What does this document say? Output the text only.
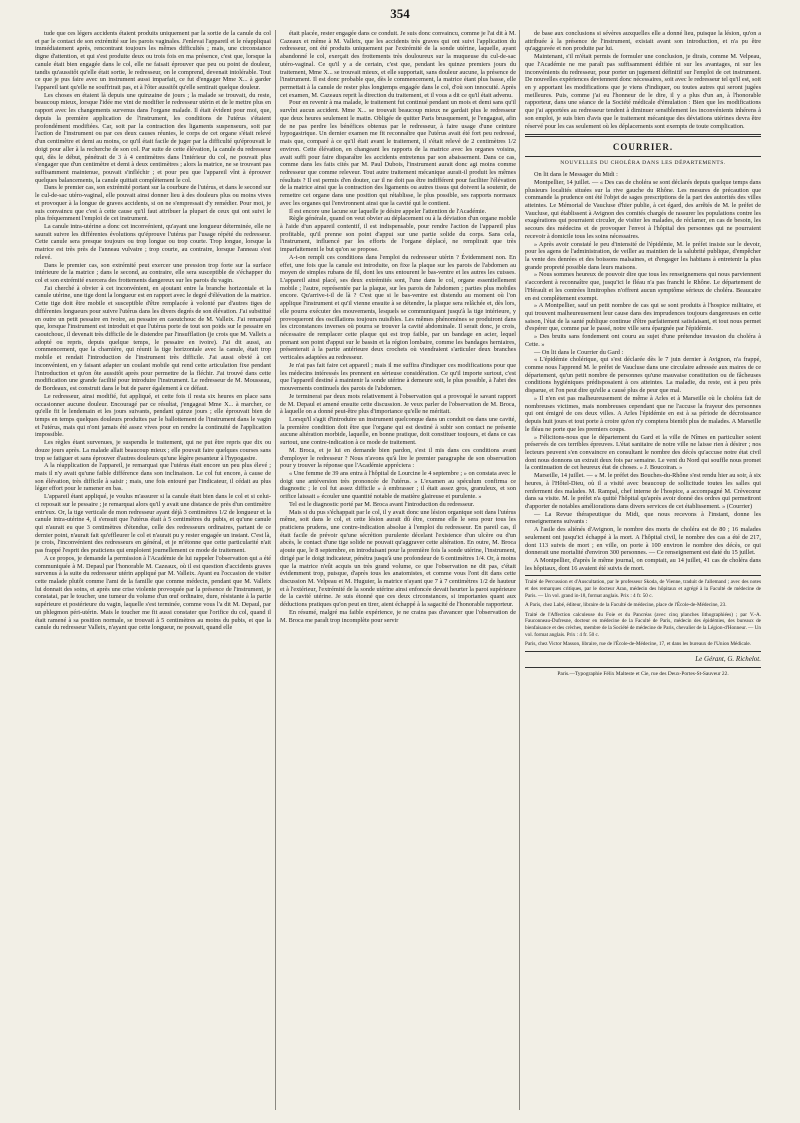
354

tude que ces légers accidents étaient produits uniquement par la sortie de la canule du col et par le contact de son extrémité sur les parois vaginales. J'enlevai l'appareil et le réappliquai immédiatement après, rencontrant toujours les mêmes difficultés ; mais, une circonstance digne d'attention, et qui s'est produite deux ou trois fois en ma présence, c'est que, lorsque la canule était bien engagée dans le col, elle ne faisait éprouver que peu ou point de douleur, tandis qu'aussitôt qu'elle était sortie, le redresseur, on le comprend, devenait intolérable. Tout ce que je pus faire avec un instrument aussi imparfait, ce fut d'engager Mme X... à garder l'appareil tant qu'elle ne souffrirait pas, et à l'ôter aussitôt qu'elle sentirait quelque douleur.

Les choses en étaient là depuis une quinzaine de jours ; la malade se trouvait, du reste, beaucoup mieux, lorsque l'idée me vint de modifier le redresseur utérin et de le mettre plus en rapport avec les changements survenus dans l'organe malade. Il était évident pour moi, que, depuis la première application de l'instrument, les conditions de l'utérus s'étaient profondément modifiées. Car, soit par la contraction des ligaments suspenseurs, soit par l'action de l'instrument ou par ces deux causes réunies, le corps de cet organe s'était relevé d'un centimètre et demi au moins, ce qu'il était facile de juger par la difficulté qu'éprouvait le doigt pour aller à la recherche de son col. Par suite de cette élévation, la canule du redresseur qui, dès le début, pénétrait de 3 à 4 centimètres dans l'intérieur du col, ne pouvait plus s'engager que d'un centimètre et demi à deux centimètres ; alors la matrice, ne se trouvant pas suffisamment maintenue, pouvait s'infléchir ; et pour peu que l'appareil vînt à éprouver quelques balancements, la canule quittait complètement le col.

Dans le premier cas, son extrémité portant sur la courbure de l'utérus, et dans le second sur le cul-de-sac utéro-vaginal, elle pouvait ainsi donner lieu à des douleurs plus ou moins vives et provoquer à la longue de graves accidents, si on ne s'empressait d'y remédier. Pour moi, je suis convaincu que c'est à cette cause qu'il faut attribuer la plupart de ceux qui ont suivi le plus fréquemment l'emploi de cet instrument.

La canule intra-utérine a donc cet inconvénient, qu'ayant une longueur déterminée, elle ne saurait suivre les différentes évolutions qu'éprouve l'utérus par l'usage répété du redresseur. Cette canule sera presque toujours ou trop longue ou trop courte. Trop longue, lorsque la matrice est très près de l'anneau vulvaire ; trop courte, au contraire, lorsque l'anneau s'est relevé.

Dans le premier cas, son extrémité peut exercer une pression trop forte sur la surface intérieure de la matrice ; dans le second, au contraire, elle sera susceptible de s'échapper du col et son extrémité exercera des frottements dangereux sur les parois du vagin.

J'ai cherché à obvier à cet inconvénient, en ajoutant entre la branche horizontale et la canule utérine, une tige dont la longueur est en rapport avec le degré d'élévation de la matrice. Cette tige doit être mobile et susceptible d'être remplacée à volonté par d'autres tiges de différentes longueurs pour suivre l'utérus dans les divers degrés de son élévation. J'ai substitué en outre un petit pessaire en ivoire, au pessaire en caoutchouc de M. Valleix. J'ai remarqué que, lorsque l'instrument est introduit et que l'utérus porte de tout son poids sur le pessaire en caoutchouc, il devenait très difficile de le distendre par l'insufflation (je crois que M. Valleix a adopté ou repris, depuis quelque temps, le pessaire en ivoire). J'ai dit aussi, au commencement, que la charnière, qui réunit la tige horizontale avec la canule, était trop mobile et rendait l'introduction de l'instrument très difficile. J'ai aussi obvié à cet inconvénient, en y faisant adapter un coulant mobile qui rend cette articulation fixe pendant l'introduction et qu'on ôte aussitôt après pour permettre de la fléchir. J'ai trouvé dans cette modification une grande facilité pour introduire l'instrument. Le redresseur de M. Mousseau, de Bordeaux, est construit dans le but de parer également à ce défaut.

Le redresseur, ainsi modifié, fut appliqué, et cette fois il resta six heures en place sans occasionner aucune douleur. Encouragé par ce résultat, j'engageai Mme X... à marcher, ce qu'elle fit le lendemain et les jours suivants, pendant quinze jours ; elle éprouvait bien de temps en temps quelques douleurs produites par le ballottement de l'instrument dans le vagin et l'utérus, mais qui n'ont jamais été assez vives pour en rendre la continuité de l'application impossible.

Les règles étant survenues, je suspendis le traitement, qui ne put être repris que dix ou douze jours après. La malade allait beaucoup mieux ; elle pouvait faire quelques courses sans trop se fatiguer et sans éprouver d'autres douleurs qu'une légère pesanteur à l'hypogastre.

A la réapplication de l'appareil, je remarquai que l'utérus était encore un peu plus élevé ; mais il n'y avait qu'une faible différence dans son inclinaison. Le col fut encore, à cause de son élévation, très difficile à saisir ; mais, une fois entouré par l'indicateur, il cédait au plus léger effort pour le ramener en bas.

L'appareil étant appliqué, je voulus m'assurer si la canule était bien dans le col et si celui-ci reposait sur le pessaire ; je remarquai alors qu'il y avait une distance de près d'un centimètre entr'eux. Or, la tige verticale de mon redresseur ayant déjà 3 centimètres 1/2 de longueur et la canule intra-utérine 4, il s'ensuit que l'utérus était à 5 centimètres du pubis, et qu'une canule qui n'aurait eu que 3 centimètres d'étendue, celle des redresseurs ordinaires, partant de ce dernier point, n'aurait fait qu'effleurer le col et n'aurait pu y rester engagée un instant. C'est là, je crois, l'inconvénient des redresseurs en général, et je m'étonne que cette particularité n'ait pas frappé l'esprit des praticiens qui emploient journellement ce mode de traitement.

A ce propos, je demande la permission à l'Académie de lui rappeler l'observation qui a été communiquée à M. Depaul par l'honorable M. Cazeaux, où il est question d'accidents graves survenus à la suite du redresseur utérin appliqué par M. Valleix. Ayant eu l'occasion de visiter cette malade plutôt comme l'ami de la famille que comme médecin, pendant que M. Valleix lui donnait des soins, et après une crise violente provoquée par la présence de l'instrument, je constatai, par le toucher, une tumeur du volume d'un œuf ordinaire, dure, résistante à la partie supérieure et postérieure du vagin, laquelle s'est terminée, comme vous l'a dit M. Depaul, par un phlegmon péri-utérin. Mais le toucher me fit aussi constater que l'orifice du col, quand il était ramené à sa position normale, se trouvait à 5 centimètres au moins du pubis, et que la canule du redresseur Valleix, n'ayant que cette longueur, ne pouvait, quand elle

était placée, rester engagée dans ce conduit. Je suis donc convaincu, comme je l'ai dit à M. Cazeaux et même à M. Valleix, que les accidents très graves qui ont suivi l'application du redresseur, ont été produits uniquement par l'extrémité de la sonde utérine, laquelle, ayant abandonné le col, exerçait des frottements très douloureux sur la muqueuse du cul-de-sac utéro-vaginal. Ce qu'il y a de certain, c'est que, pendant les quinze premiers jours du traitement, Mme X... se trouvait mieux, et elle supportait, sans douleur aucune, la présence de l'instrument. Il est donc probable que, dès le commencement, la matrice étant plus basse, elle permettait à la canule de rester plus longtemps engagée dans le col, d'où son innocuité. Après cet examen, M. Cazeaux reprit la direction du traitement, et il vous a dit ce qu'il était advenu.

Pour en revenir à ma malade, le traitement fut continué pendant un mois et demi sans qu'il survînt aucun accident. Mme X... se trouvait beaucoup mieux ne gardait plus le redresseur que deux heures seulement le matin. Obligée de quitter Paris brusquement, je l'engageai, afin de ne pas perdre les bénéfices obtenus par le redresseur, à faire usage d'une ceinture hypogastrique. Un dernier examen me fit reconnaître que l'utérus avait été fort peu redressé, mais que, comparé à ce qu'il était avant le traitement, il s'était relevé de 2 centimètres 1/2 environ. Cette élévation, en changeant les rapports de la matrice avec les organes voisins, avait suffi pour faire disparaître les accidents entretenus par son abaissement. Dans ce cas, comme dans les faits cités par M. Paul Dubois, l'instrument aurait donc agi moins comme redresseur que comme releveur. Tout autre traitement mécanique aurait-il produit les mêmes résultats ? Il est permis d'en douter, car il ne doit pas être indifférent pour faciliter l'élévation de la matrice ainsi que la contraction des ligaments ou autres tissus qui doivent la soutenir, de remettre cet organe dans une position qui rétablisse, le plus possible, ses rapports normaux avec les organes qui l'environnent ainsi que la cavité qui le contient.

Il est encore une lacune sur laquelle je désire appeler l'attention de l'Académie.

Règle générale, quand on veut obvier au déplacement ou à la déviation d'un organe mobile à l'aide d'un appareil contentif, il est indispensable, pour rendre l'action de l'appareil plus profitable, qu'il prenne son point d'appui sur une partie solide du corps. Sans cela, l'instrument, influencé par les efforts de l'organe déplacé, ne remplirait que très imparfaitement le but qu'on se propose.

A-t-on rempli ces conditions dans l'emploi du redresseur utérin ? Évidemment non. En effet, une fois que la canule est introduite, on fixe la plaque sur les parois de l'abdomen au moyen de simples rubans de fil, dont les uns entourent le bas-ventre et les autres les cuisses. L'appareil ainsi placé, ses deux extrémités sont, l'une dans le col, organe essentiellement mobile ; l'autre, représentée par la plaque, sur les parois de l'abdomen ; parties plus mobiles encore. Qu'arrive-t-il de là ? C'est que si le bas-ventre est distendu au moment où l'on applique l'instrument et qu'il vienne ensuite à se détendre, la plaque sera relâchée et, dès lors, elle pourra exécuter des mouvements, lesquels se communiquant jusqu'à la tige intérieure, y provoqueront des oscillations toujours nuisibles. Les mêmes phénomènes se produiront dans les circonstances inverses où pourra se trouver la cavité abdominale. Il serait donc, je crois, nécessaire de remplacer cette plaque qui est trop faible, par un bandage en acier, lequel prenant son point d'appui sur le bassin et la région lombaire, comme les bandages herniaires, présenterait à la partie antérieure deux crochets où viendraient s'articuler deux branches verticales adaptées au redresseur.

Je n'ai pas fait faire cet appareil ; mais il me suffira d'indiquer ces modifications pour que les médecins intéressés les prennent en sérieuse considération. Ce qu'il importe surtout, c'est que l'appareil destiné à maintenir la sonde utérine à demeure soit, le plus possible, à l'abri des mouvements continuels des parois de l'abdomen.

Je terminerai par deux mots relativement à l'observation qui a provoqué le savant rapport de M. Depaul et amené ensuite cette discussion. Je veux parler de l'observation de M. Broca, à laquelle on a donné peut-être plus d'importance qu'elle ne méritait.

Lorsqu'il s'agit d'introduire un instrument quelconque dans un conduit ou dans une cavité, la première condition doit être que l'organe qui est destiné à subir son contact ne présente aucune altération morbide, laquelle, en bonne pratique, doit constituer toujours, et dans ce cas surtout, une contre-indication à ce mode de traitement.

M. Broca, et je lui en demande bien pardon, s'est il mis dans ces conditions avant d'employer le redresseur ? Nous n'avons qu'à lire le premier paragraphe de son observation pour y trouver la réponse que l'Académie appréciera :

« Une femme de 39 ans entra à l'hôpital de Lourcine le 4 septembre ; » on constata avec le doigt une antéversion très prononcée de l'utérus. » L'examen au spéculum confirma ce diagnostic ; le col fut assez difficile » à embrasser ; il était assez gros, granuleux, et son orifice laissait » écouler une quantité notable de matière glaireuse et purulente. »

Tel est le diagnostic porté par M. Broca avant l'introduction du redresseur.

Mais si du pus s'échappait par le col, il y avait donc une lésion organique soit dans l'utérus même, soit dans le col, et cette lésion aurait dû être, comme elle le sera pour tous les praticiens prudens, une contre-indication absolue à l'emploi du redresseur. En pareil cas, il était facile de prévoir qu'une sécrétion purulente décelant l'existence d'un ulcère ou d'un abcès, le contact d'une tige solide ne pouvait qu'aggraver cette altération. En outre, M. Broca ajoute que, le 8 septembre, en introduisant pour la première fois la sonde utérine, l'instrument, dirigé par le doigt indicateur, pénétra jusqu'à une profondeur de 6 centimètres 1/4. Or, à moins que la matrice n'eût acquis un très grand volume, ce que l'observation ne dit pas, c'était évidemment trop, puisque, d'après tous les anatomistes, et comme vous l'ont dit dans cette discussion M. Velpeau et M. Huguier, la matrice n'ayant que 7 à 7 centimètres 1/2 de hauteur et à l'extérieur, l'extrémité de la sonde utérine ainsi enfoncée devait heurter la paroi supérieure de la cavité utérine. Je suis étonné que ces deux circonstances, si importantes quant aux déductions pratiques qu'on peut en tirer, aient échappé à la sagacité de l'honorable rapporteur.

En résumé, malgré ma faible expérience, je ne crains pas d'avancer que l'observation de M. Broca me paraît trop incomplète pour servir

de base aux conclusions si sévères auxquelles elle a donné lieu, puisque la lésion, qu'on a attribuée à la présence de l'instrument, existait avant son introduction, et n'a pu être qu'aggravée et non produite par lui.

Maintenant, s'il m'était permis de formuler une conclusion, je dirais, comme M. Velpeau, que l'Académie ne me paraît pas suffisamment édifiée ni sur les avantages, ni sur les inconvénients du redresseur, pour porter un jugement définitif sur l'emploi de cet instrument. De nouvelles expériences deviennent donc nécessaires, soit avec le redresseur tel qu'il est, soit en y apportant les modifications que je viens d'indiquer, ou toutes autres qui seront jugées meilleures. Puis, comme j'ai eu l'honneur de le dire, il y a plus d'un an, à l'honorable rapporteur, dans une séance de la Société médicale d'émulation : Bien que les modifications que j'ai apportées au redresseur tendent à diminuer sensiblement les inconvénients inhérens à son emploi, je suis bien d'avis que le traitement mécanique des déviations utérines devra être réservé pour les cas seulement où les déplacements sont exempts de toute complication.

COURRIER.
NOUVELLES DU CHOLÉRA DANS LES DÉPARTEMENTS.

On lit dans le Messager du Midi :

Montpellier, 14 juillet. — « Des cas de choléra se sont déclarés depuis quelque temps dans plusieurs localités situées sur la rive gauche du Rhône. Les mesures de précaution que commande la prudence ont été l'objet de sages prescriptions de la part des autorités des villes atteintes. Le Mémorial de Vaucluse d'hier publie, à cet égard, des arrêtés de M. le préfet de Vaucluse, qui établissent à Avignon des comités chargés de rassurer les populations contre les exagérations qui pourraient circuler, de visiter les malades, de réclamer, en cas de besoin, les secours des médecins et de provoquer l'envoi à l'hôpital des personnes qui ne pourraient recevoir à domicile tous les soins nécessaires.

» Après avoir constaté le peu d'intensité de l'épidémie, M. le préfet insiste sur le devoir, pour les agens de l'administration, de veiller au maintien de la salubrité publique, d'empêcher la vente des denrées et des boissons malsaines, et d'engager les habitans à entretenir la plus grande propreté possible dans leurs maisons.

» Nous sommes heureux de pouvoir dire que tous les renseignemens qui nous parviennent s'accordent à reconnaître que, jusqu'ici le fléau n'a pas franchi le Rhône. Le département de l'Hérault et les contrées limitrophes n'offrent aucun symptôme sérieux de choléra. Beaucaire en est complètement exempt.

» A Montpellier, sauf un petit nombre de cas qui se sont produits à l'hospice militaire, et qui trouvent malheureusement leur cause dans des imprudences toujours dangereuses en cette saison, l'état de la santé publique continue d'être parfaitement satisfaisant, et tout nous permet d'espérer que, comme par le passé, notre ville sera épargnée par l'épidémie.

» Des bruits sans fondement ont couru au sujet d'une prétendue invasion du choléra à Cette. »

— On lit dans le Courrier du Gard :

« L'épidémie cholérique, qui s'est déclarée dès le 7 juin dernier à Avignon, n'a frappé, comme nous l'apprend M. le préfet de Vaucluse dans une circulaire adressée aux maires de ce département, qu'un petit nombre de personnes qu'une mauvaise constitution ou de fâcheuses conditions hygiéniques prédisposaient à ces atteintes. La maladie, du reste, est à peu près disparue, et l'on peut dire qu'elle a causé plus de peur que mal.

» Il n'en est pas malheureusement de même à Arles et à Marseille où le choléra fait de nombreuses victimes, mais nombreuses cependant que ne l'accuse la frayeur des personnes qui ont émigré de ces deux villes. A Arles l'épidémie en est à sa période de décroissance depuis huit jours et tout porte à croire qu'on n'y comptera bientôt plus de malades. A Marseille le fléau ne porte que les premiers coups.

» Félicitons-nous que le département du Gard et la ville de Nîmes en particulier soient préservés de ces terribles épreuves. L'état sanitaire de notre ville ne laisse rien à désirer ; nos lecteurs peuvent s'en convaincre en consultant le nombre des décès qu'accuse notre état civil dont nous donnons un extrait deux fois par semaine. Le vent du Nord qui souffle nous promet la continuation de cet heureux état de choses. » J. Boucoiran. »

Marseille, 14 juillet. — « M. le préfet des Bouches-du-Rhône s'est rendu hier au soir, à six heures, à l'Hôtel-Dieu, où il a visité avec beaucoup de sollicitude toutes les salles qui renferment des malades. M. Rampal, chef interne de l'hospice, a accompagné M. Crèvecœur dans sa visite. M. le préfet n'a quitté l'hôpital qu'après avoir donné des ordres qui permettront d'apporter de notables améliorations dans divers services de cet établissement. » (Courrier)

— La Revue thérapeutique du Midi, que nous recevons à l'instant, donne les renseignemens suivants :

A l'asile des aliénés d'Avignon, le nombre des morts de choléra est de 80 ; 16 malades seulement ont jusqu'ici échappé à la mort. A l'hôpital civil, le nombre des cas a été de 217, dont 113 suivis de mort ; en ville, on porte à 100 environ le nombre des décès, ce qui donnerait une mortalité d'environ 300 personnes. — Ce renseignement est daté du 15 juillet.

A Montpellier, d'après le même journal, on comptait, au 14 juillet, 41 cas de choléra dans les hôpitaux, dont 16 avaient été suivis de mort.

Traité de Percussion et d'Auscultation, par le professeur Skoda, de Vienne, traduit de l'allemand ; avec des notes et des remarques critiques, par le docteur Aran, médecin des hôpitaux et agrégé à la Faculté de médecine de Paris. — Un vol. grand in-18, format anglais. Prix : 4 fr. 50 c.

A Paris, chez Labé, éditeur, libraire de la Faculté de médecine, place de l'École-de-Médecine, 23.

Traité de l'Affection calculeuse du Foie et du Pancréas (avec cinq planches lithographiées) ; par V.-A. Fauconneau-Dufresne, docteur en médecine de la Faculté de Paris, médecin des épidémies, des bureaux de bienfaisance et des crèches, membre de la Société de médecine de Paris, chevalier de la Légion-d'Honneur. — Un vol. format anglais. Prix : 4 fr. 50 c.

Paris, chez Victor Masson, libraire, rue de l'École-de-Médecine, 17, et dans les bureaux de l'Union Médicale.

Le Gérant, G. Richelot.
Paris.—Typographie Félix Malteste et Cie, rue des Deux-Portes-St-Sauveur 22.
